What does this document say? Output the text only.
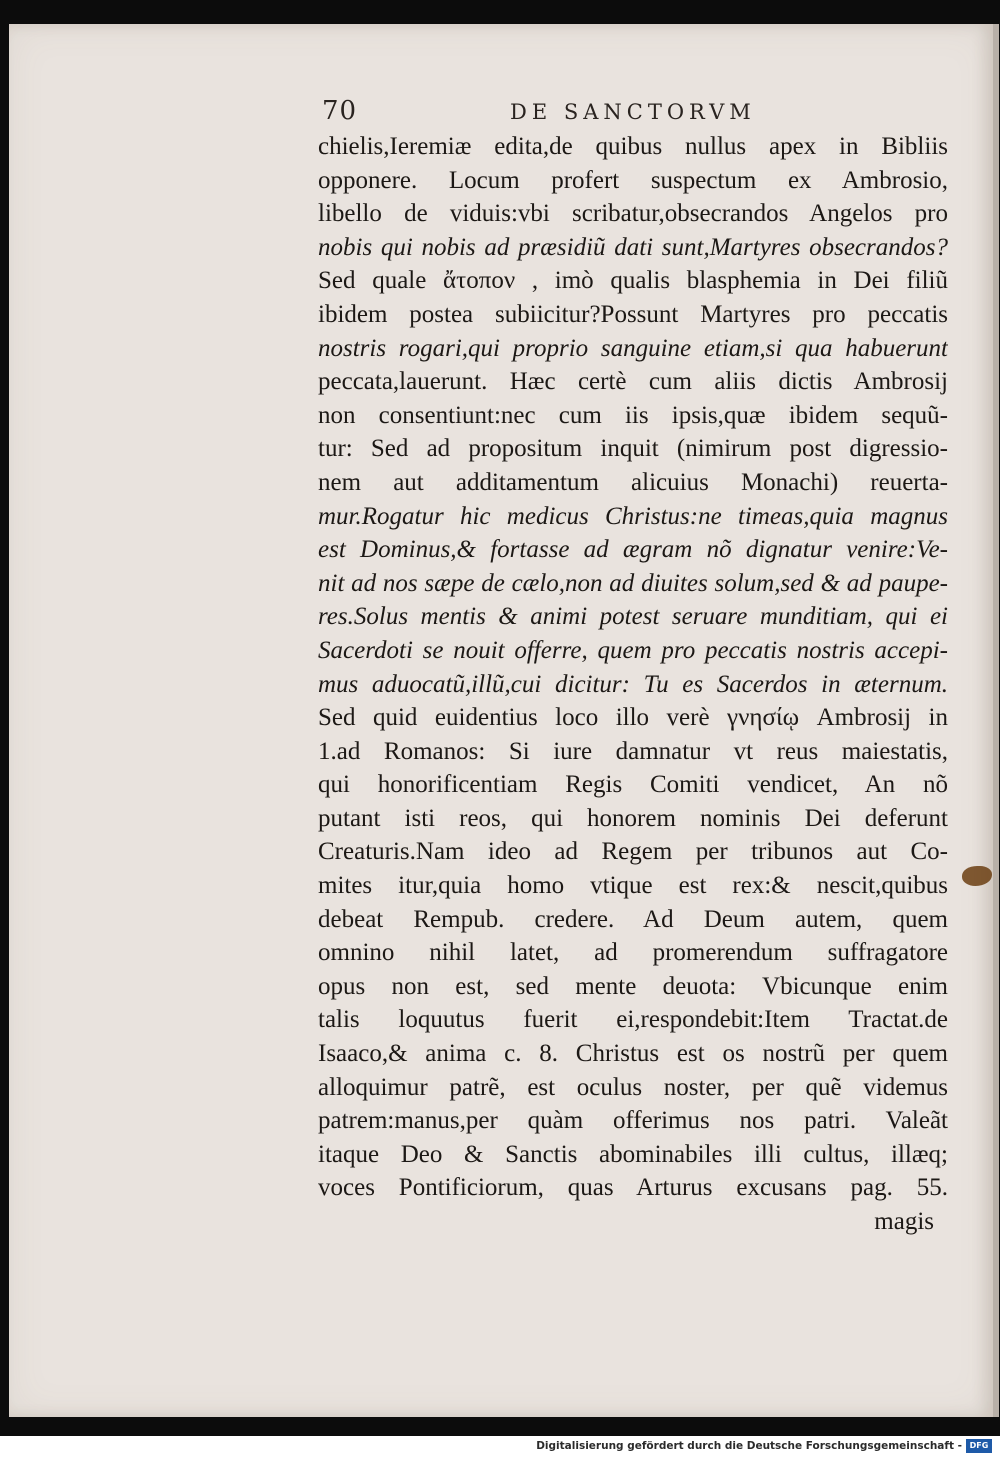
70	DE SANCTORVM
chielis,Ieremiæ edita,de quibus nullus apex in Bibliis
opponere. Locum profert suspectum ex Ambrosio,
libello de viduis:vbi scribatur,obsecrandos Angelos pro
nobis qui nobis ad præsidiũ dati sunt,Martyres obsecrandos?
Sed quale ἄτοπον , imò qualis blasphemia in Dei filiũ
ibidem postea subiicitur?Possunt Martyres pro peccatis
nostris rogari,qui proprio sanguine etiam,si qua habuerunt
peccata,lauerunt. Hæc certè cum aliis dictis Ambrosij
non consentiunt:nec cum iis ipsis,quæ ibidem sequũ-
tur: Sed ad propositum inquit (nimirum post digressio-
nem aut additamentum alicuius Monachi) reuerta-
mur.Rogatur hic medicus Christus:ne timeas,quia magnus
est Dominus,& fortasse ad ægram nõ dignatur venire:Ve-
nit ad nos sæpe de cælo,non ad diuites solum,sed & ad paupe-
res.Solus mentis & animi potest seruare munditiam, qui ei
Sacerdoti se nouit offerre, quem pro peccatis nostris accepi-
mus aduocatũ,illũ,cui dicitur: Tu es Sacerdos in æternum.
Sed quid euidentius loco illo verè γνησίῳ Ambrosij in
1.ad Romanos: Si iure damnatur vt reus maiestatis,
qui honorificentiam Regis Comiti vendicet, An nõ
putant isti reos, qui honorem nominis Dei deferunt
Creaturis.Nam ideo ad Regem per tribunos aut Co-
mites itur,quia homo vtique est rex:& nescit,quibus
debeat Rempub. credere. Ad Deum autem, quem
omnino nihil latet, ad promerendum suffragatore
opus non est, sed mente deuota: Vbicunque enim
talis loquutus fuerit ei,respondebit:Item Tractat.de
Isaaco,& anima c. 8. Christus est os nostrũ per quem
alloquimur patrẽ, est oculus noster, per quẽ videmus
patrem:manus,per quàm offerimus nos patri. Valeãt
itaque Deo & Sanctis abominabiles illi cultus, illæq;
voces Pontificiorum, quas Arturus excusans pag. 55.
magis
Digitalisierung gefördert durch die Deutsche Forschungsgemeinschaft - DFG
